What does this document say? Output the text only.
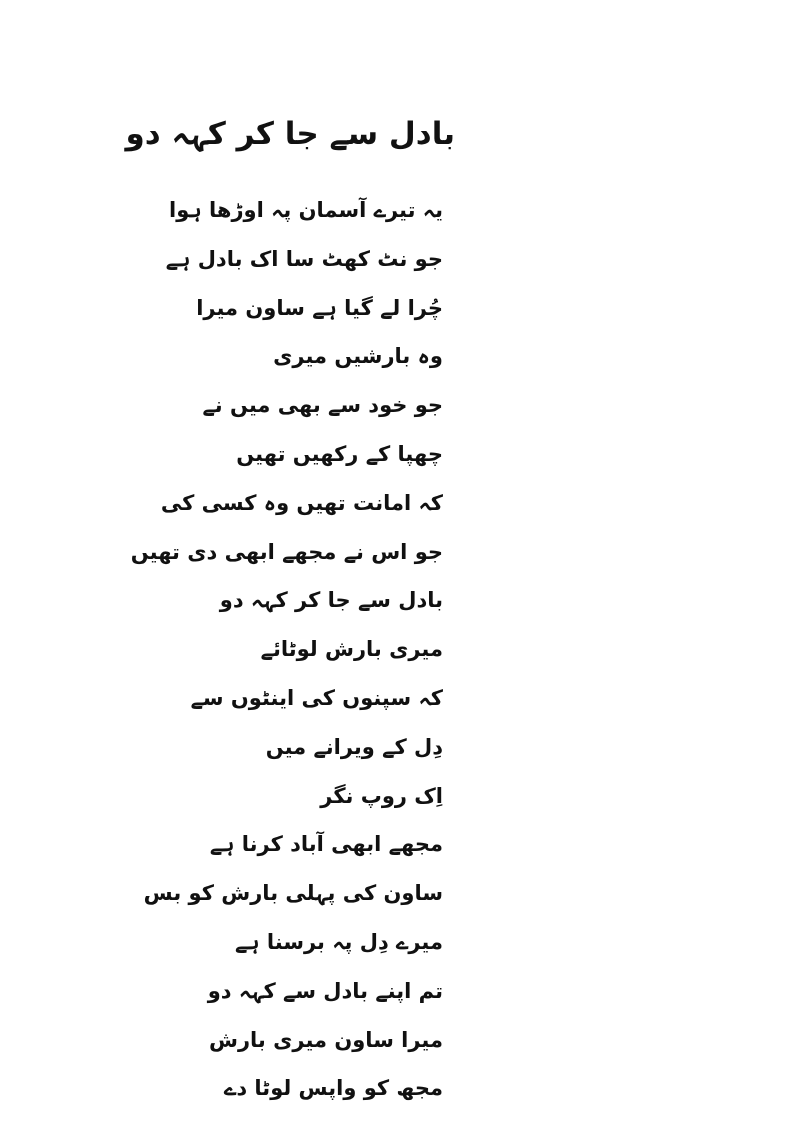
بادل سے جا کر کہہ دو
یہ تیرے آسمان پہ اوڑھا ہوا
جو نٹ کھٹ سا اک بادل ہے
چُرا لے گیا ہے ساون میرا
وہ بارشیں میری
جو خود سے بھی میں نے
چھپا کے رکھیں تھیں
کہ امانت تھیں وہ کسی کی
جو اس نے مجھے ابھی دی تھیں
بادل سے جا کر کہہ دو
میری بارش لوٹائے
کہ سپنوں کی اینٹوں سے
دِل کے ویرانے میں
اِک روپ نگر
مجھے ابھی آباد کرنا ہے
ساون کی پہلی بارش کو بس
میرے دِل پہ برسنا ہے
تم اپنے بادل سے کہہ دو
میرا ساون میری بارش
مجھ کو واپس لوٹا دے
